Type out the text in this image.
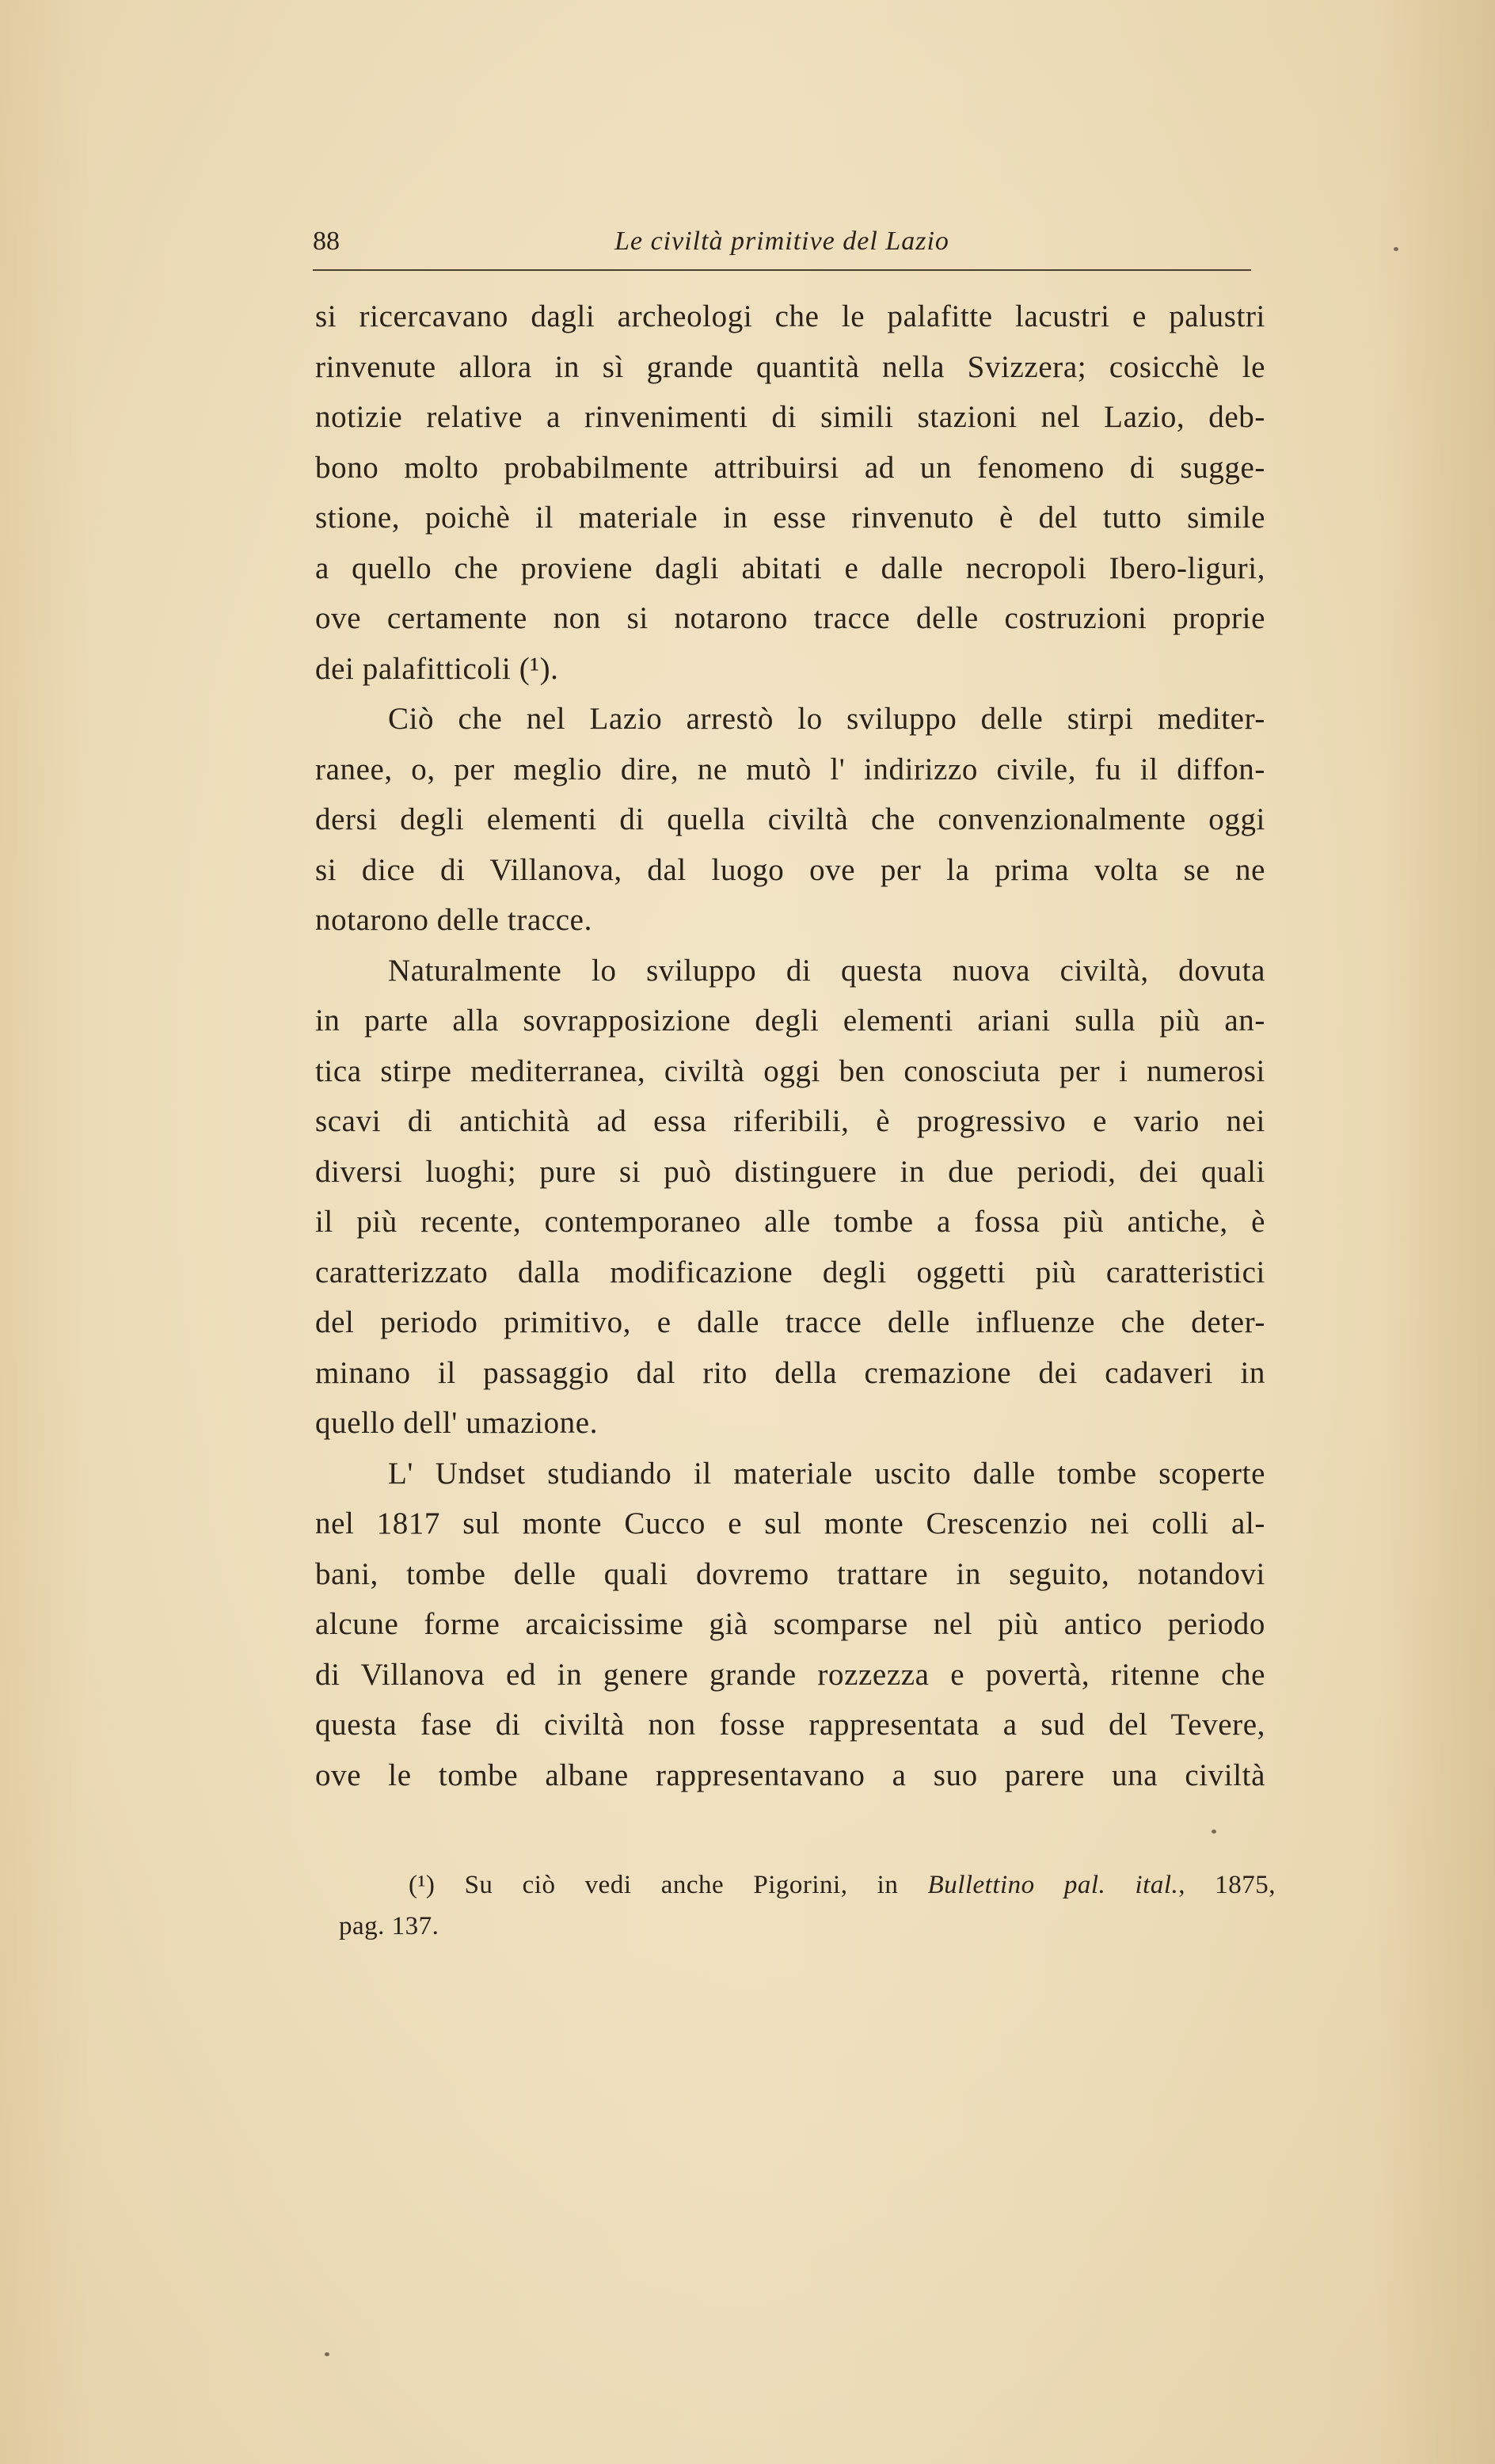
88	Le civiltà primitive del Lazio
si ricercavano dagli archeologi che le palafitte lacustri e palustri
rinvenute allora in sì grande quantità nella Svizzera; cosicchè le
notizie relative a rinvenimenti di simili stazioni nel Lazio, deb-
bono molto probabilmente attribuirsi ad un fenomeno di sugge-
stione, poichè il materiale in esse rinvenuto è del tutto simile
a quello che proviene dagli abitati e dalle necropoli Ibero-liguri,
ove certamente non si notarono tracce delle costruzioni proprie
dei palafitticoli (¹).
Ciò che nel Lazio arrestò lo sviluppo delle stirpi mediter-
ranee, o, per meglio dire, ne mutò l' indirizzo civile, fu il diffon-
dersi degli elementi di quella civiltà che convenzionalmente oggi
si dice di Villanova, dal luogo ove per la prima volta se ne
notarono delle tracce.
Naturalmente lo sviluppo di questa nuova civiltà, dovuta
in parte alla sovrapposizione degli elementi ariani sulla più an-
tica stirpe mediterranea, civiltà oggi ben conosciuta per i numerosi
scavi di antichità ad essa riferibili, è progressivo e vario nei
diversi luoghi; pure si può distinguere in due periodi, dei quali
il più recente, contemporaneo alle tombe a fossa più antiche, è
caratterizzato dalla modificazione degli oggetti più caratteristici
del periodo primitivo, e dalle tracce delle influenze che deter-
minano il passaggio dal rito della cremazione dei cadaveri in
quello dell' umazione.
L' Undset studiando il materiale uscito dalle tombe scoperte
nel 1817 sul monte Cucco e sul monte Crescenzio nei colli al-
bani, tombe delle quali dovremo trattare in seguito, notandovi
alcune forme arcaicissime già scomparse nel più antico periodo
di Villanova ed in genere grande rozzezza e povertà, ritenne che
questa fase di civiltà non fosse rappresentata a sud del Tevere,
ove le tombe albane rappresentavano a suo parere una civiltà
(¹) Su ciò vedi anche Pigorini, in Bullettino pal. ital., 1875,
pag. 137.
